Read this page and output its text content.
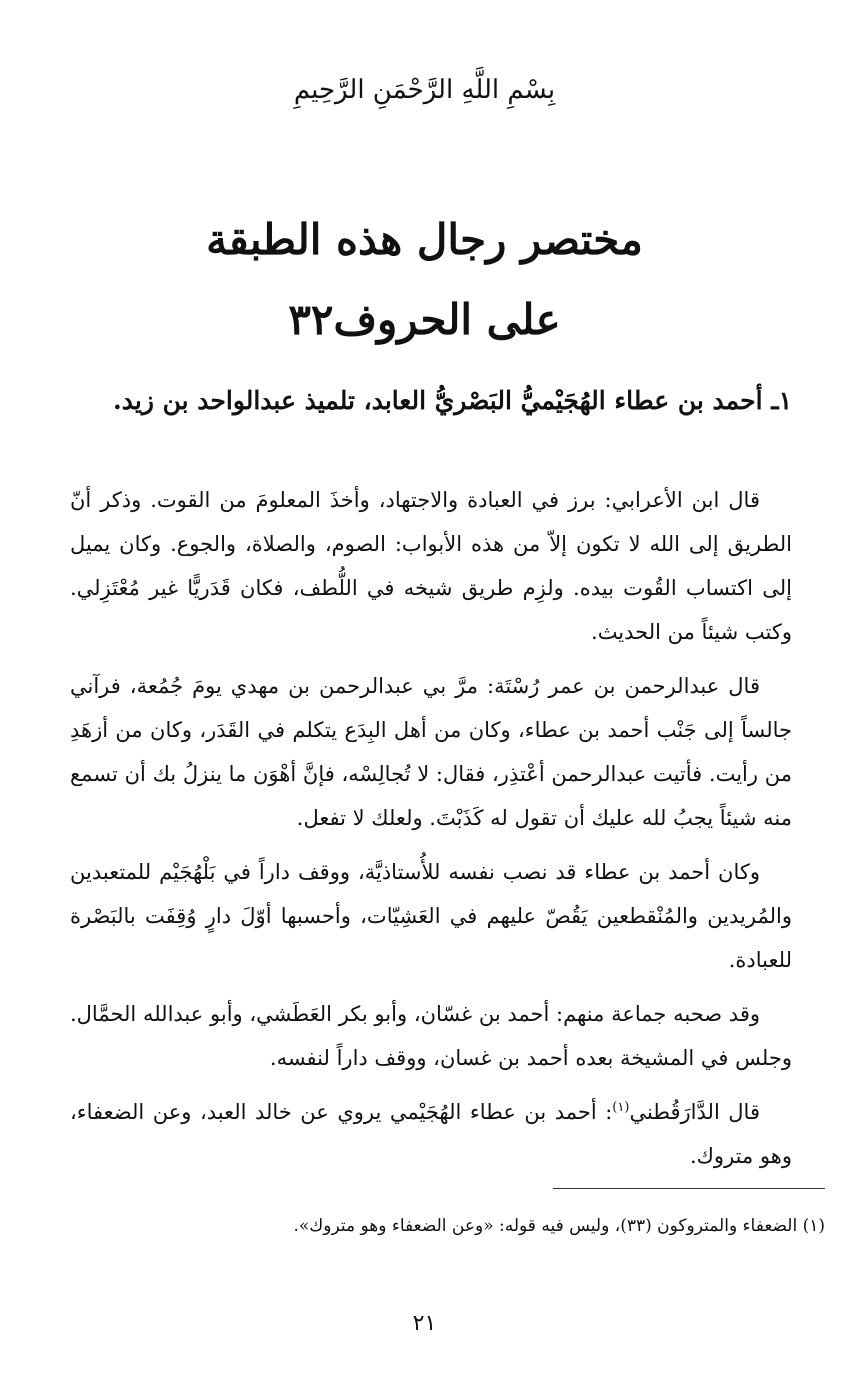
بِسْمِ اللَّهِ الرَّحْمَنِ الرَّحِيمِ
مختصر رجال هذه الطبقة
على الحروف٣٢

١ـ أحمد بن عطاء الهُجَيْميُّ البَصْريُّ العابد، تلميذ عبدالواحد بن زيد.

قال ابن الأعرابي: برز في العبادة والاجتهاد، وأخذَ المعلومَ من القوت. وذكر أنّ الطريق إلى الله لا تكون إلاّ من هذه الأبواب: الصوم، والصلاة، والجوع. وكان يميل إلى اكتساب القُوت بيده. ولزِم طريق شيخه في اللُّطف، فكان قَدَريًّا غير مُعْتَزِلي. وكتب شيئاً من الحديث.

قال عبدالرحمن بن عمر رُسْتَة: مرَّ بي عبدالرحمن بن مهدي يومَ جُمُعة، فرآني جالساً إلى جَنْب أحمد بن عطاء، وكان من أهل البِدَع يتكلم في القَدَر، وكان من أزهَدِ من رأيت. فأتيت عبدالرحمن أعْتذِر، فقال: لا تُجالِسْه، فإنَّ أهْوَن ما ينزلُ بك أن تسمع منه شيئاً يجبُ لله عليك أن تقول له كَذَبْتَ. ولعلك لا تفعل.

وكان أحمد بن عطاء قد نصب نفسه للأُستاذيَّة، ووقف داراً في بَلْهُجَيْم للمتعبدين والمُريدين والمُنْقطعين يَقُصّ عليهم في العَشِيّات، وأحسبها أوّلَ دارٍ وُقِفَت بالبَصْرة للعبادة.

وقد صحبه جماعة منهم: أحمد بن غسّان، وأبو بكر العَطَشي، وأبو عبدالله الحمَّال. وجلس في المشيخة بعده أحمد بن غسان، ووقف داراً لنفسه.

قال الدَّارَقُطني$^{(١)}$: أحمد بن عطاء الهُجَيْمي يروي عن خالد العبد، وعن الضعفاء، وهو متروك.

(١) الضعفاء والمتروكون (٣٣)، وليس فيه قوله: «وعن الضعفاء وهو متروك».
٢١
